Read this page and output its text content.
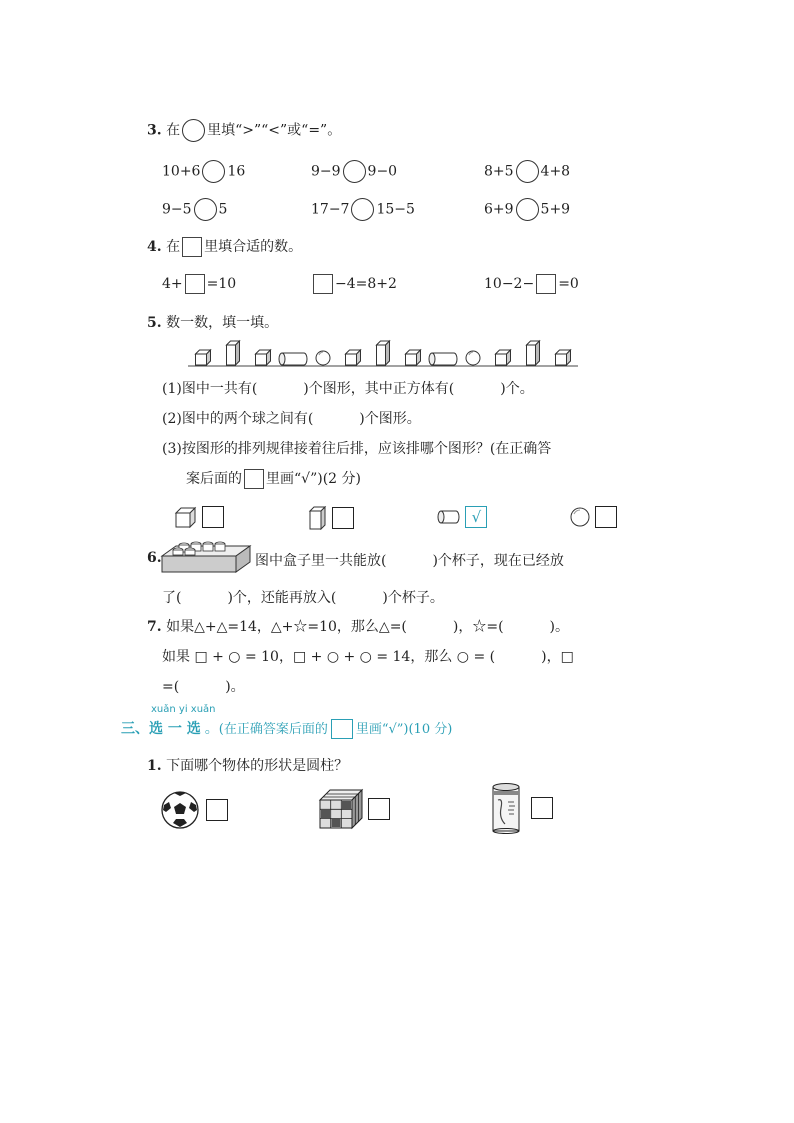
3. 在 里填“>”“<”或“=”。
10+6 16	9−9 9−0	8+5 4+8
9−5 5	17−7 15−5	6+9 5+9
4. 在 里填合适的数。
4+ =10	−4=8+2	10−2− =0
5. 数一数，填一填。
(1)图中一共有(	)个图形，其中正方体有(	)个。
(2)图中的两个球之间有(	)个图形。
(3)按图形的排列规律接着往后排，应该排哪个图形？(在正确答
案后面的 里画“√”)(2 分)

√

6.	图中盒子里一共能放(	)个杯子，现在已经放
了(	)个，还能再放入(	)个杯子。
7. 如果△+△=14，△+☆=10，那么△=(	)，☆=(	)。
如果 □ + ○ = 10，□ + ○ + ○ = 14，那么 ○ = (	)，□
=(	)。
xuǎn yi xuǎn
三、选 一 选 。(在正确答案后面的 里画“√”)(10 分)
1. 下面哪个物体的形状是圆柱？
